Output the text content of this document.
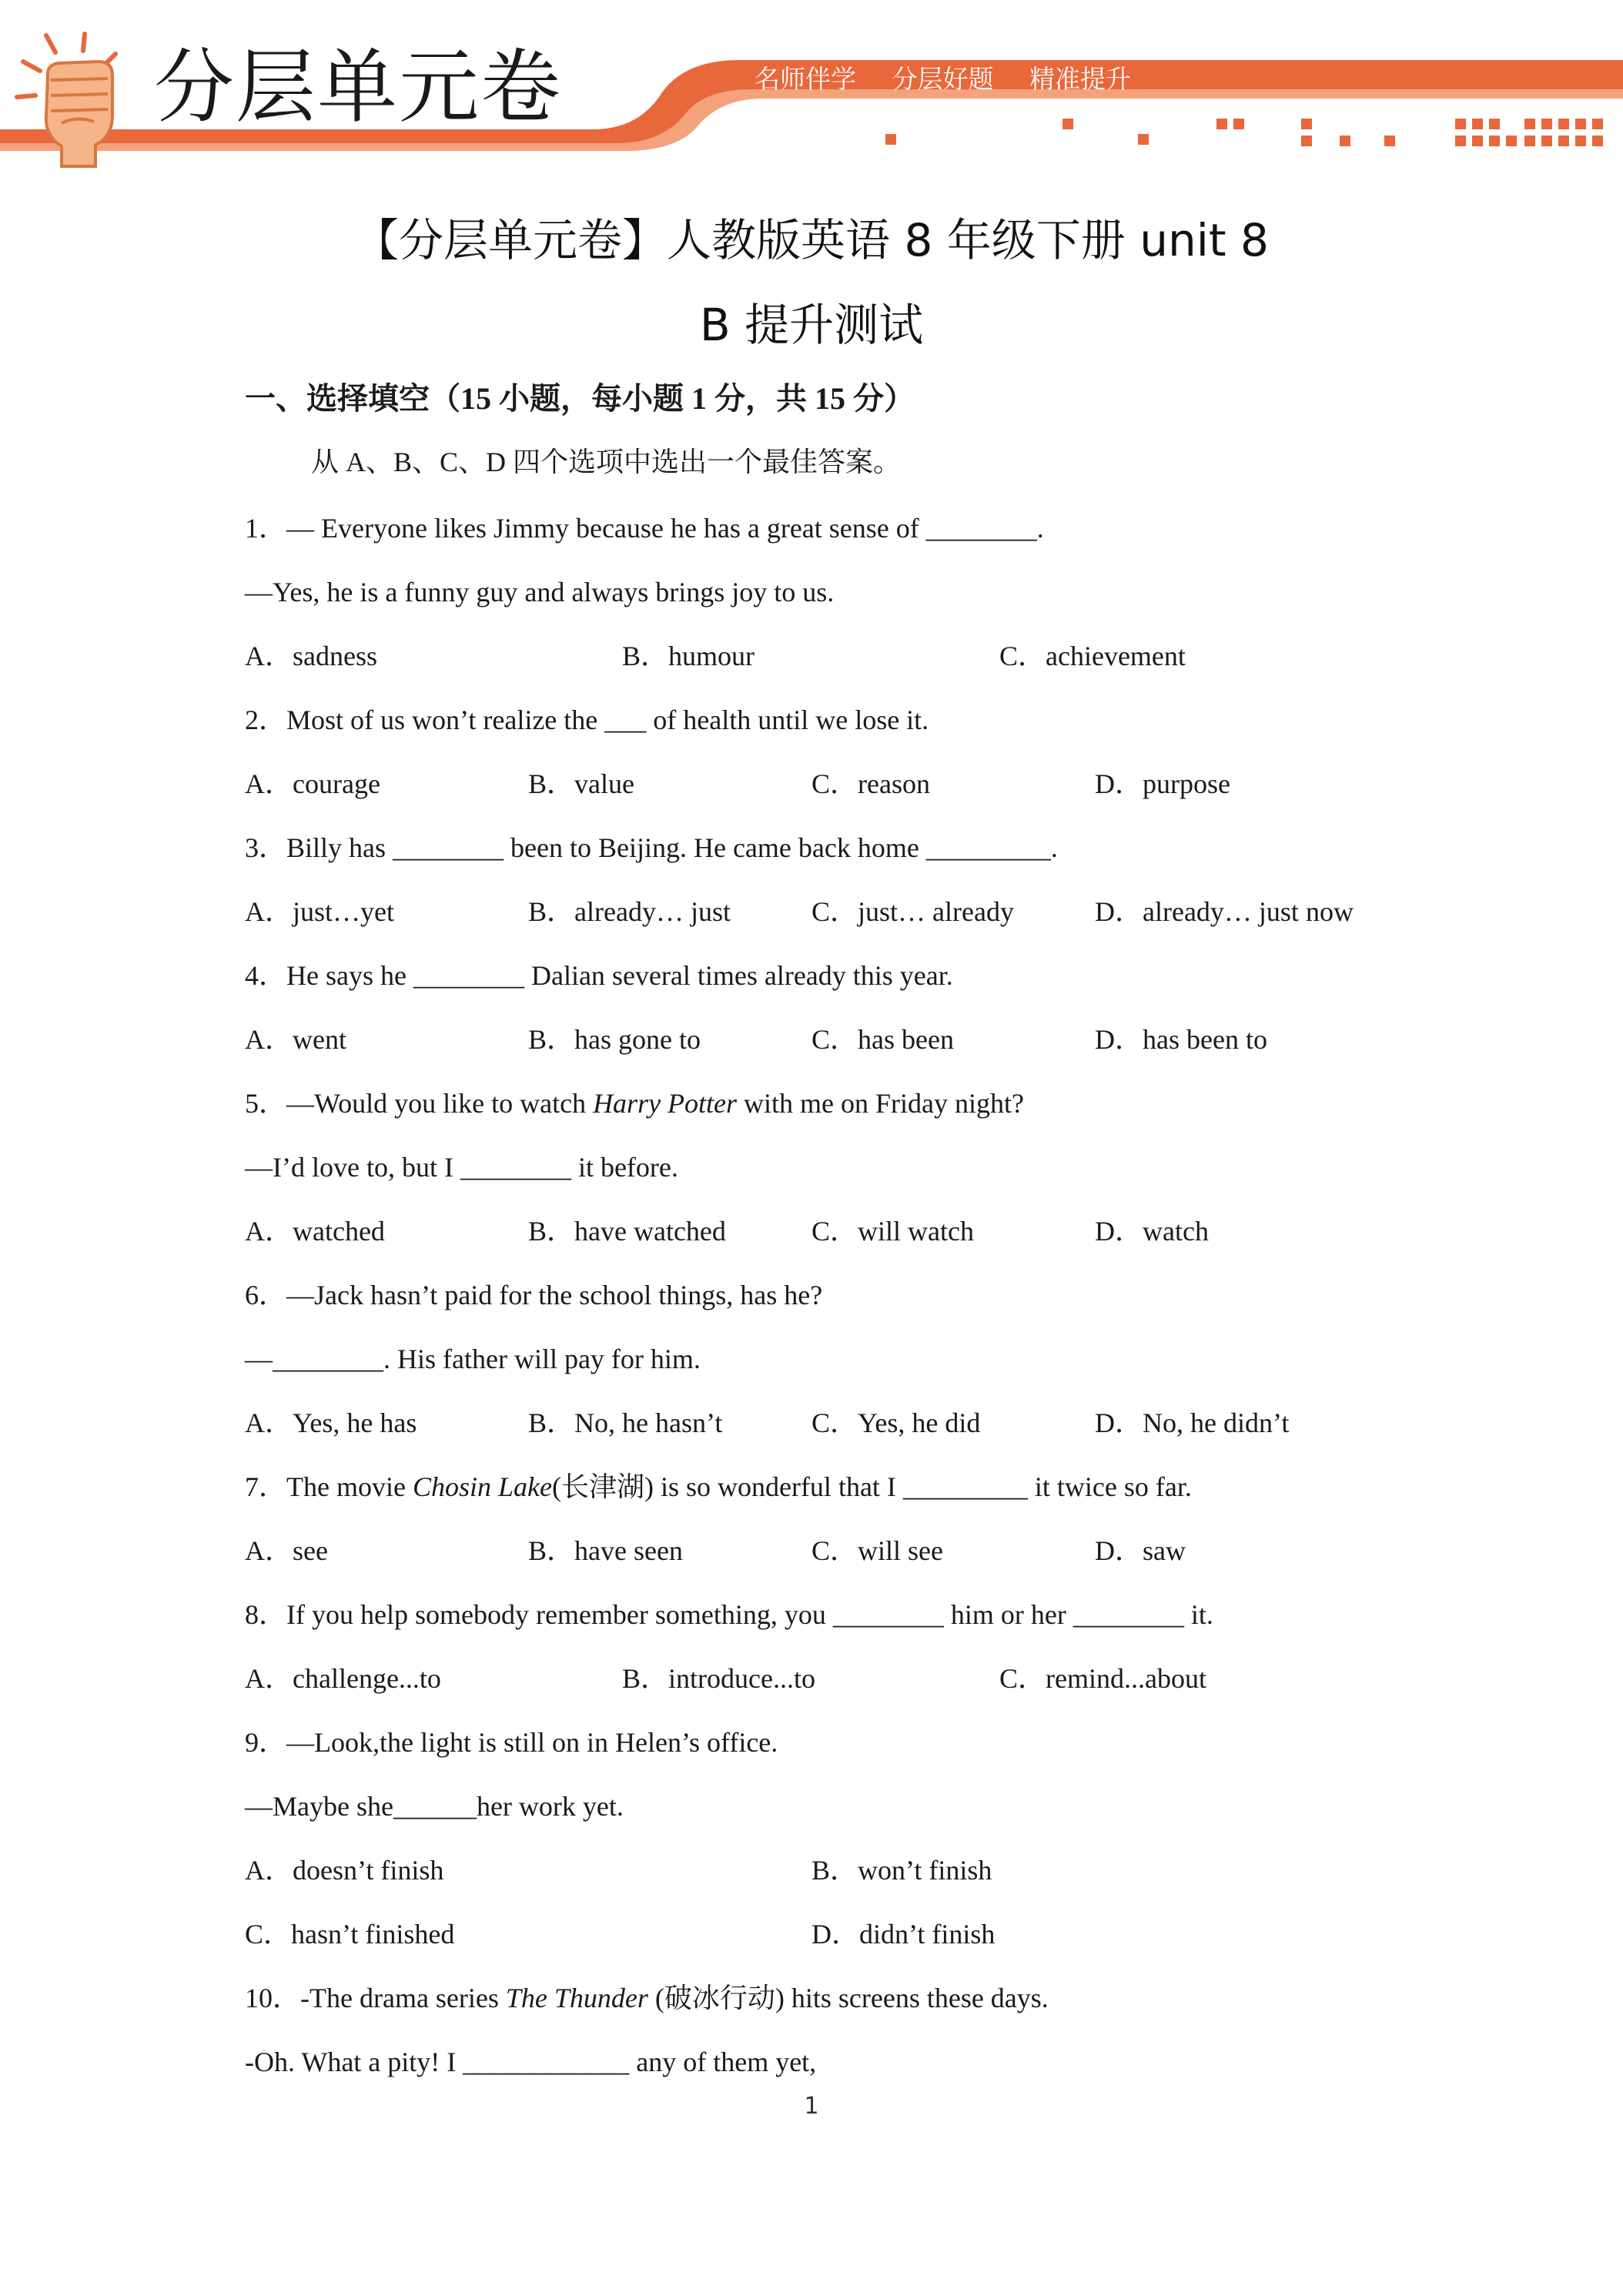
分层单元卷	名师伴学 分层好题 精准提升
【分层单元卷】人教版英语 8 年级下册 unit 8
B 提升测试
一、选择填空（15 小题，每小题 1 分，共 15 分）
从 A、B、C、D 四个选项中选出一个最佳答案。
1．— Everyone likes Jimmy because he has a great sense of ________.
—Yes, he is a funny guy and always brings joy to us.
A．sadness	B．humour	C．achievement
2．Most of us won’t realize the ___ of health until we lose it.
A．courage	B．value	C．reason	D．purpose
3．Billy has ________ been to Beijing. He came back home _________.
A．just…yet	B．already… just	C．just… already	D．already… just now
4．He says he ________ Dalian several times already this year.
A．went	B．has gone to	C．has been	D．has been to
5．—Would you like to watch Harry Potter with me on Friday night?
—I’d love to, but I ________ it before.
A．watched	B．have watched	C．will watch	D．watch
6．—Jack hasn’t paid for the school things, has he?
—________. His father will pay for him.
A．Yes, he has	B．No, he hasn’t	C．Yes, he did	D．No, he didn’t
7．The movie Chosin Lake(长津湖) is so wonderful that I _________ it twice so far.
A．see	B．have seen	C．will see	D．saw
8．If you help somebody remember something, you ________ him or her ________ it.
A．challenge...to	B．introduce...to	C．remind...about
9．—Look,the light is still on in Helen’s office.
—Maybe she______her work yet.
A．doesn’t finish	B．won’t finish
C．hasn’t finished	D．didn’t finish
10．-The drama series The Thunder (破冰行动) hits screens these days.
-Oh. What a pity! I ____________ any of them yet,
1
